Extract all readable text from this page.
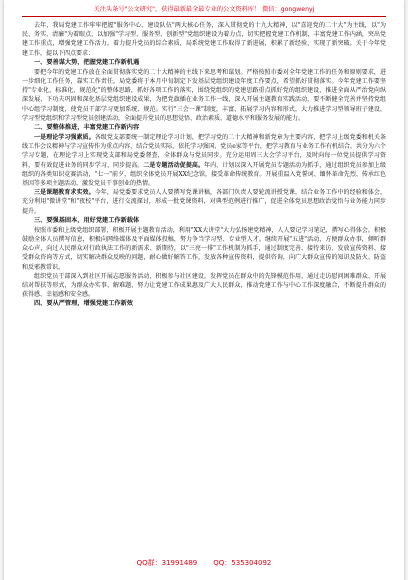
关注头条号"公文研究"，获得最新最全最专业的公文资料库！ 微信：gongwenyj

去年，我局党建工作牢牢把握"服务中心、建设队伍"两大核心任务，深入贯彻党的十九大精神，以"喜迎党的二十大"为主线，以"为民、务实、清廉"为着眼点，以加强"学习型、服务型、创新型"党组织建设为着力点，切实把握党建工作机制，丰富党建工作内涵，突出党建工作重点，增强党建工作活力，着力提升党员的综合素质，局系统党建工作取得了新进展，积累了新经验，实现了新突破。关于今年党建工作，提以下四点要求：

一、要善谋大势，把握党建工作新机遇

要把今年的党建工作放在全面贯彻落实党的二十大精神的主线下来思考和谋划。严格按照市委对全年党建工作的任务和原则要求，进一步细化工作任务，靠实工作责任，局党委将于本月中旬制定下发基层党组织建设年度工作要点，希望抓好贯彻落实。今年党建工作要坚持"专业化、标准化、规范化"的整体思路，抓好各项工作的落实，围绕党组织的党建思路重点抓好党的组织建设，推进全面从严治党向纵深发展，下功夫巩固和深化基层党组织建设成果，为把党旗插在业务工作一线，深入开展主题教育实践活动，要不断健全完善并坚持党组中心组学习制度，使党员干部学习更加系统、规范。实行"三会一课"制度，丰富、拓展学习内容和形式，大力推进学习型领导班子建设，学习型党组织和学习型党员创建活动，全面提升党员的思想觉悟、政治素质、道德水平和服务发展的能力。

二、要整体推进，丰富党建工作新内容

一是理论学习强素质。各级党支部要统一制定理论学习计划，把学习党的二十大精神和新党章为主要内容，把学习上级党委和机关条线工作会议精神与学习宣传作为重点内容，结合党员实际，依托学习强国、党员e家等平台，把学习教育与业务工作有机结合，共分为六个学习专题，在理论学习上实现党支部和局党委督查，全体群众与党员同步。充分运用周三大会学习平台，及时向每一位党员提供学习资料，要有效促进业务的同步学习、同步提高。二是专题活动促提高。年内，计划以深入开展党员专题活动为抓手，通过组织党员参加上级组织的各类知识竞赛活动，"七一"前夕，组织全体党员开展XX纪念馆，接受革命传统教育。开展重温入党誓词、缅怀革命先烈、传承红色基因等多项主题活动，激发党员干事创业的热情。

三是课题教育求实效。今年，局党委要求党员人人要撰写党课讲稿，各部门负责人要轮流讲授党课，结合业务工作中的经验和体会，充分利用"微讲堂"和"夜校"平台，进行交流探讨，形成一批党课资料，对典型范例进行推广，促进全体党员思想政治觉悟与业务能力同步提升。

三、要强基固本，用好党建工作新载体

按照市委和上级党组织部署，积极开展主题教育活动，利用"XX大讲堂"大力弘扬建党精神，人人要记学习笔记，撰写心得体会。积极鼓励全体人员撰写信息，积极向网络媒体及平面媒体投稿，努力争当学习型、专业型人才。继续开展"五进"活动，方便群众办事，倾听群众心声，向过人民群众对行政执法工作的新需求、新期待，以"三亮一排"工作机制为抓手，通过制度完善、接待来访、发放宣传资料、接受群众咨询等方式，切实解决群众反映的问题，耐心做好解答工作，发放各种宣传资料，提供咨询，向广大群众宣传的知识及防火、防盗和反邪教常识。

组织党员干部深入到社区开展志愿服务活动，积极参与社区建设，发挥党员在群众中的先锋模范作用，通过走访慰问困难群众、开展结对帮扶等形式，为群众办实事、解难题，努力让党建工作成果惠及广大人民群众，推动党建工作与中心工作深度融合，不断提升群众的获得感、幸福感和安全感。

四、要从严管理，增强党建工作新效

QQ群：31991489 QQ：535304092
